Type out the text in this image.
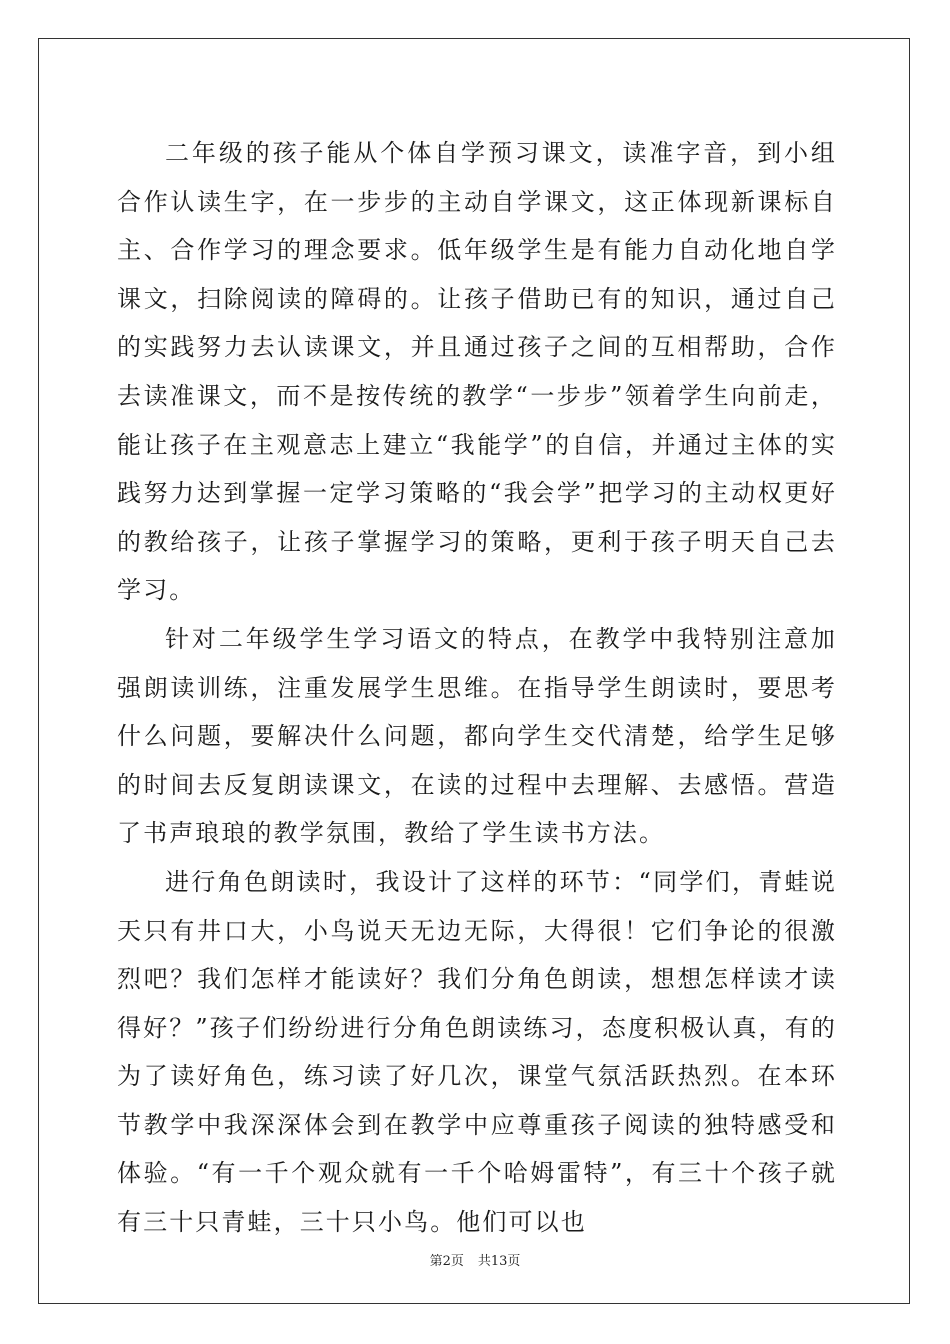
二年级的孩子能从个体自学预习课文，读准字音，到小组合作认读生字，在一步步的主动自学课文，这正体现新课标自主、合作学习的理念要求。低年级学生是有能力自动化地自学课文，扫除阅读的障碍的。让孩子借助已有的知识，通过自己的实践努力去认读课文，并且通过孩子之间的互相帮助，合作去读准课文，而不是按传统的教学“一步步”领着学生向前走，能让孩子在主观意志上建立“我能学”的自信，并通过主体的实践努力达到掌握一定学习策略的“我会学”把学习的主动权更好的教给孩子，让孩子掌握学习的策略，更利于孩子明天自己去学习。

针对二年级学生学习语文的特点，在教学中我特别注意加强朗读训练，注重发展学生思维。在指导学生朗读时，要思考什么问题，要解决什么问题，都向学生交代清楚，给学生足够的时间去反复朗读课文，在读的过程中去理解、去感悟。营造了书声琅琅的教学氛围，教给了学生读书方法。

进行角色朗读时，我设计了这样的环节：“同学们，青蛙说天只有井口大，小鸟说天无边无际，大得很！它们争论的很激烈吧？我们怎样才能读好？我们分角色朗读，想想怎样读才读得好？”孩子们纷纷进行分角色朗读练习，态度积极认真，有的为了读好角色，练习读了好几次，课堂气氛活跃热烈。在本环节教学中我深深体会到在教学中应尊重孩子阅读的独特感受和体验。“有一千个观众就有一千个哈姆雷特”，有三十个孩子就有三十只青蛙，三十只小鸟。他们可以也

第2页 共13页
